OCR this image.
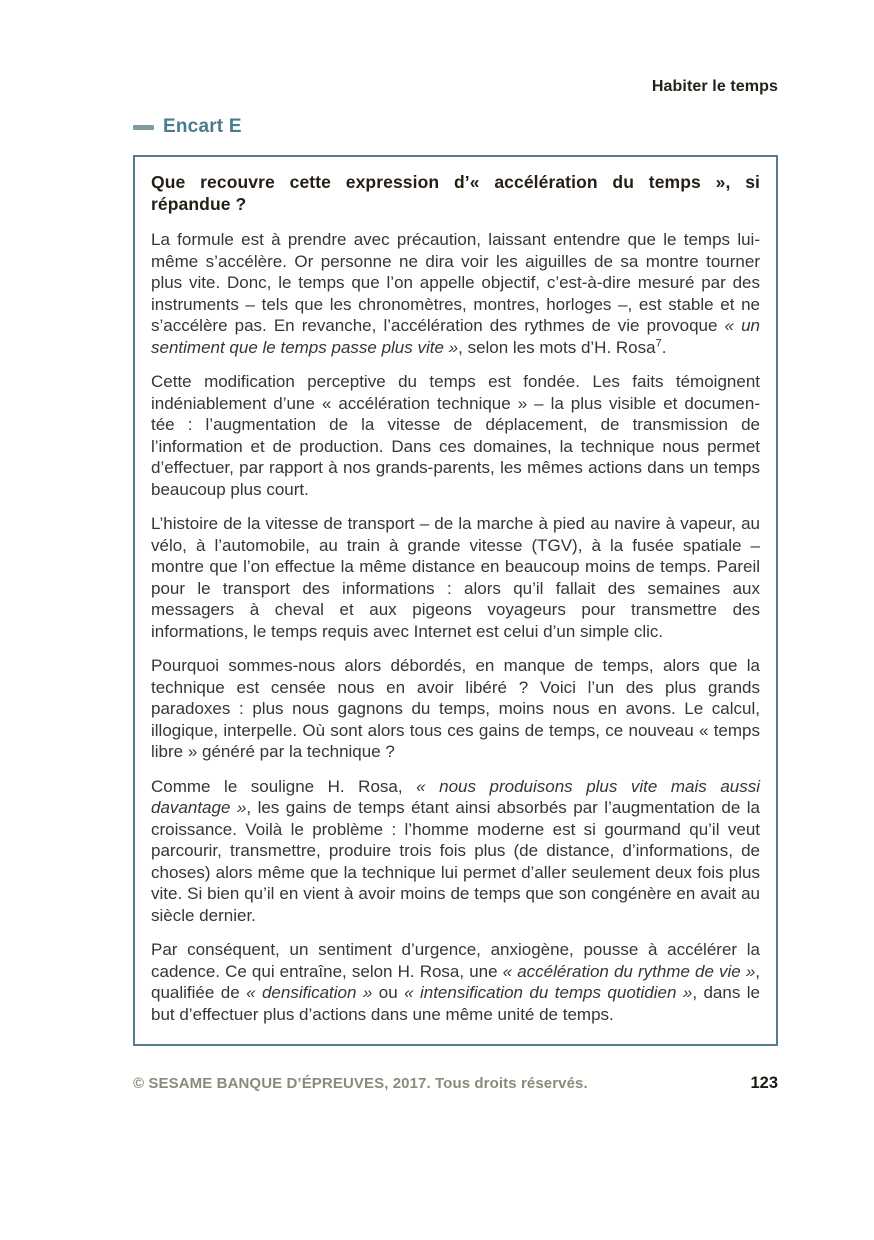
Habiter le temps
Encart E

Que recouvre cette expression d’« accélération du temps », si répandue ?

La formule est à prendre avec précaution, laissant entendre que le temps lui-même s’accélère. Or personne ne dira voir les aiguilles de sa montre tourner plus vite. Donc, le temps que l’on appelle objectif, c’est-à-dire mesuré par des instruments – tels que les chronomètres, montres, horloges –, est stable et ne s’accélère pas. En revanche, l’accélération des rythmes de vie provoque « un sentiment que le temps passe plus vite », selon les mots d’H. Rosa$^7$.

Cette modification perceptive du temps est fondée. Les faits témoignent indéniablement d’une « accélération technique » – la plus visible et documentée : l’augmentation de la vitesse de déplacement, de transmission de l’information et de production. Dans ces domaines, la technique nous permet d’effectuer, par rapport à nos grands-parents, les mêmes actions dans un temps beaucoup plus court.

L’histoire de la vitesse de transport – de la marche à pied au navire à vapeur, au vélo, à l’automobile, au train à grande vitesse (TGV), à la fusée spatiale – montre que l’on effectue la même distance en beaucoup moins de temps. Pareil pour le transport des informations : alors qu’il fallait des semaines aux messagers à cheval et aux pigeons voyageurs pour transmettre des informations, le temps requis avec Internet est celui d’un simple clic.

Pourquoi sommes-nous alors débordés, en manque de temps, alors que la technique est censée nous en avoir libéré ? Voici l’un des plus grands paradoxes : plus nous gagnons du temps, moins nous en avons. Le calcul, illogique, interpelle. Où sont alors tous ces gains de temps, ce nouveau « temps libre » généré par la technique ?

Comme le souligne H. Rosa, « nous produisons plus vite mais aussi davantage », les gains de temps étant ainsi absorbés par l’augmentation de la croissance. Voilà le problème : l’homme moderne est si gourmand qu’il veut parcourir, transmettre, produire trois fois plus (de distance, d’informations, de choses) alors même que la technique lui permet d’aller seulement deux fois plus vite. Si bien qu’il en vient à avoir moins de temps que son congénère en avait au siècle dernier.

Par conséquent, un sentiment d’urgence, anxiogène, pousse à accélérer la cadence. Ce qui entraîne, selon H. Rosa, une « accélération du rythme de vie », qualifiée de « densification » ou « intensification du temps quotidien », dans le but d’effectuer plus d’actions dans une même unité de temps.

© SESAME BANQUE D’ÉPREUVES, 2017. Tous droits réservés.	123
